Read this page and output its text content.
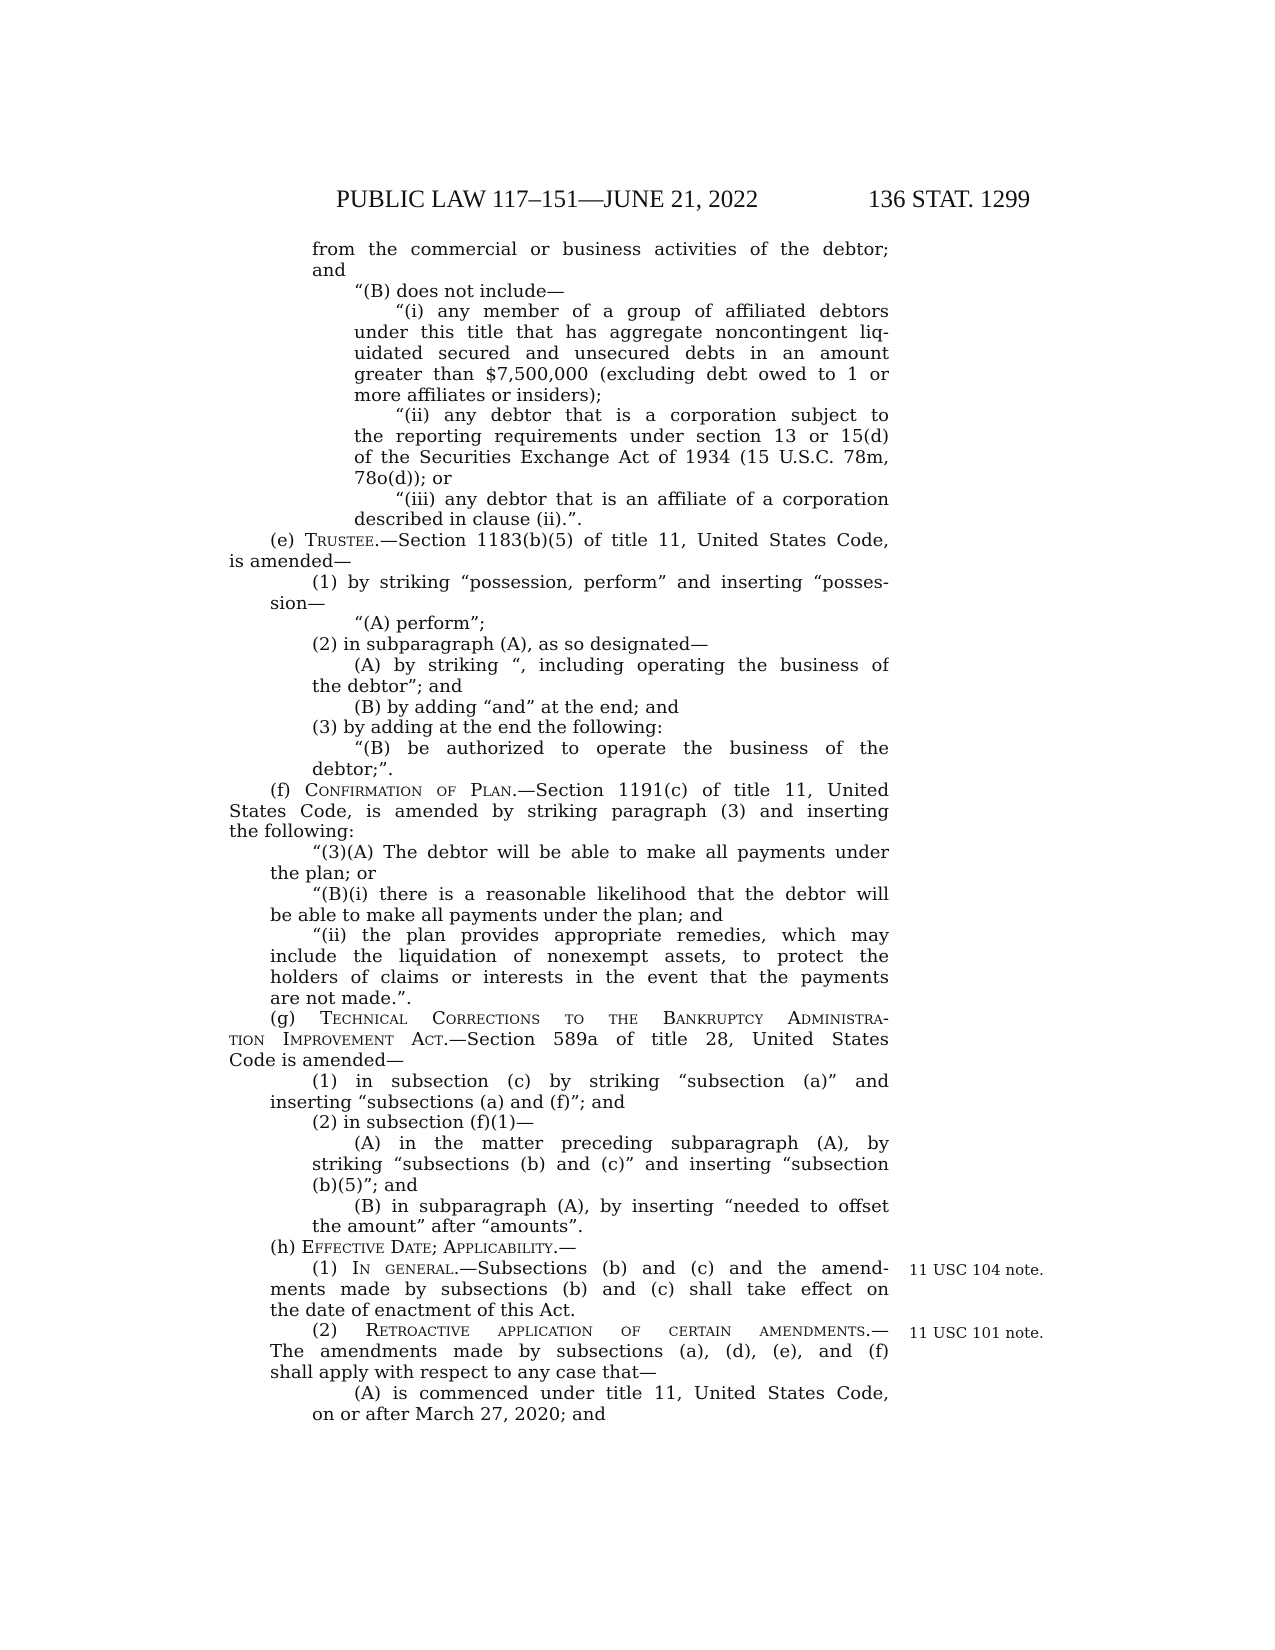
PUBLIC LAW 117–151—JUNE 21, 2022	136 STAT. 1299
from the commercial or business activities of the debtor;
and
“(B) does not include—
“(i) any member of a group of affiliated debtors
under this title that has aggregate noncontingent liq-
uidated secured and unsecured debts in an amount
greater than $7,500,000 (excluding debt owed to 1 or
more affiliates or insiders);
“(ii) any debtor that is a corporation subject to
the reporting requirements under section 13 or 15(d)
of the Securities Exchange Act of 1934 (15 U.S.C. 78m,
78o(d)); or
“(iii) any debtor that is an affiliate of a corporation
described in clause (ii).”.
(e) Trustee.—Section 1183(b)(5) of title 11, United States Code,
is amended—
(1) by striking “possession, perform” and inserting “posses-
sion—
“(A) perform”;
(2) in subparagraph (A), as so designated—
(A) by striking “, including operating the business of
the debtor”; and
(B) by adding “and” at the end; and
(3) by adding at the end the following:
“(B) be authorized to operate the business of the
debtor;”.
(f) Confirmation of Plan.—Section 1191(c) of title 11, United
States Code, is amended by striking paragraph (3) and inserting
the following:
“(3)(A) The debtor will be able to make all payments under
the plan; or
“(B)(i) there is a reasonable likelihood that the debtor will
be able to make all payments under the plan; and
“(ii) the plan provides appropriate remedies, which may
include the liquidation of nonexempt assets, to protect the
holders of claims or interests in the event that the payments
are not made.”.
(g) Technical Corrections to the Bankruptcy Administra-
tion Improvement Act.—Section 589a of title 28, United States
Code is amended—
(1) in subsection (c) by striking “subsection (a)” and
inserting “subsections (a) and (f)”; and
(2) in subsection (f)(1)—
(A) in the matter preceding subparagraph (A), by
striking “subsections (b) and (c)” and inserting “subsection
(b)(5)”; and
(B) in subparagraph (A), by inserting “needed to offset
the amount” after “amounts”.
(h) Effective Date; Applicability.—
(1) In general.—Subsections (b) and (c) and the amend-
ments made by subsections (b) and (c) shall take effect on
the date of enactment of this Act.
(2) Retroactive application of certain amendments.—
The amendments made by subsections (a), (d), (e), and (f)
shall apply with respect to any case that—
(A) is commenced under title 11, United States Code,
on or after March 27, 2020; and
11 USC 104 note.
11 USC 101 note.
